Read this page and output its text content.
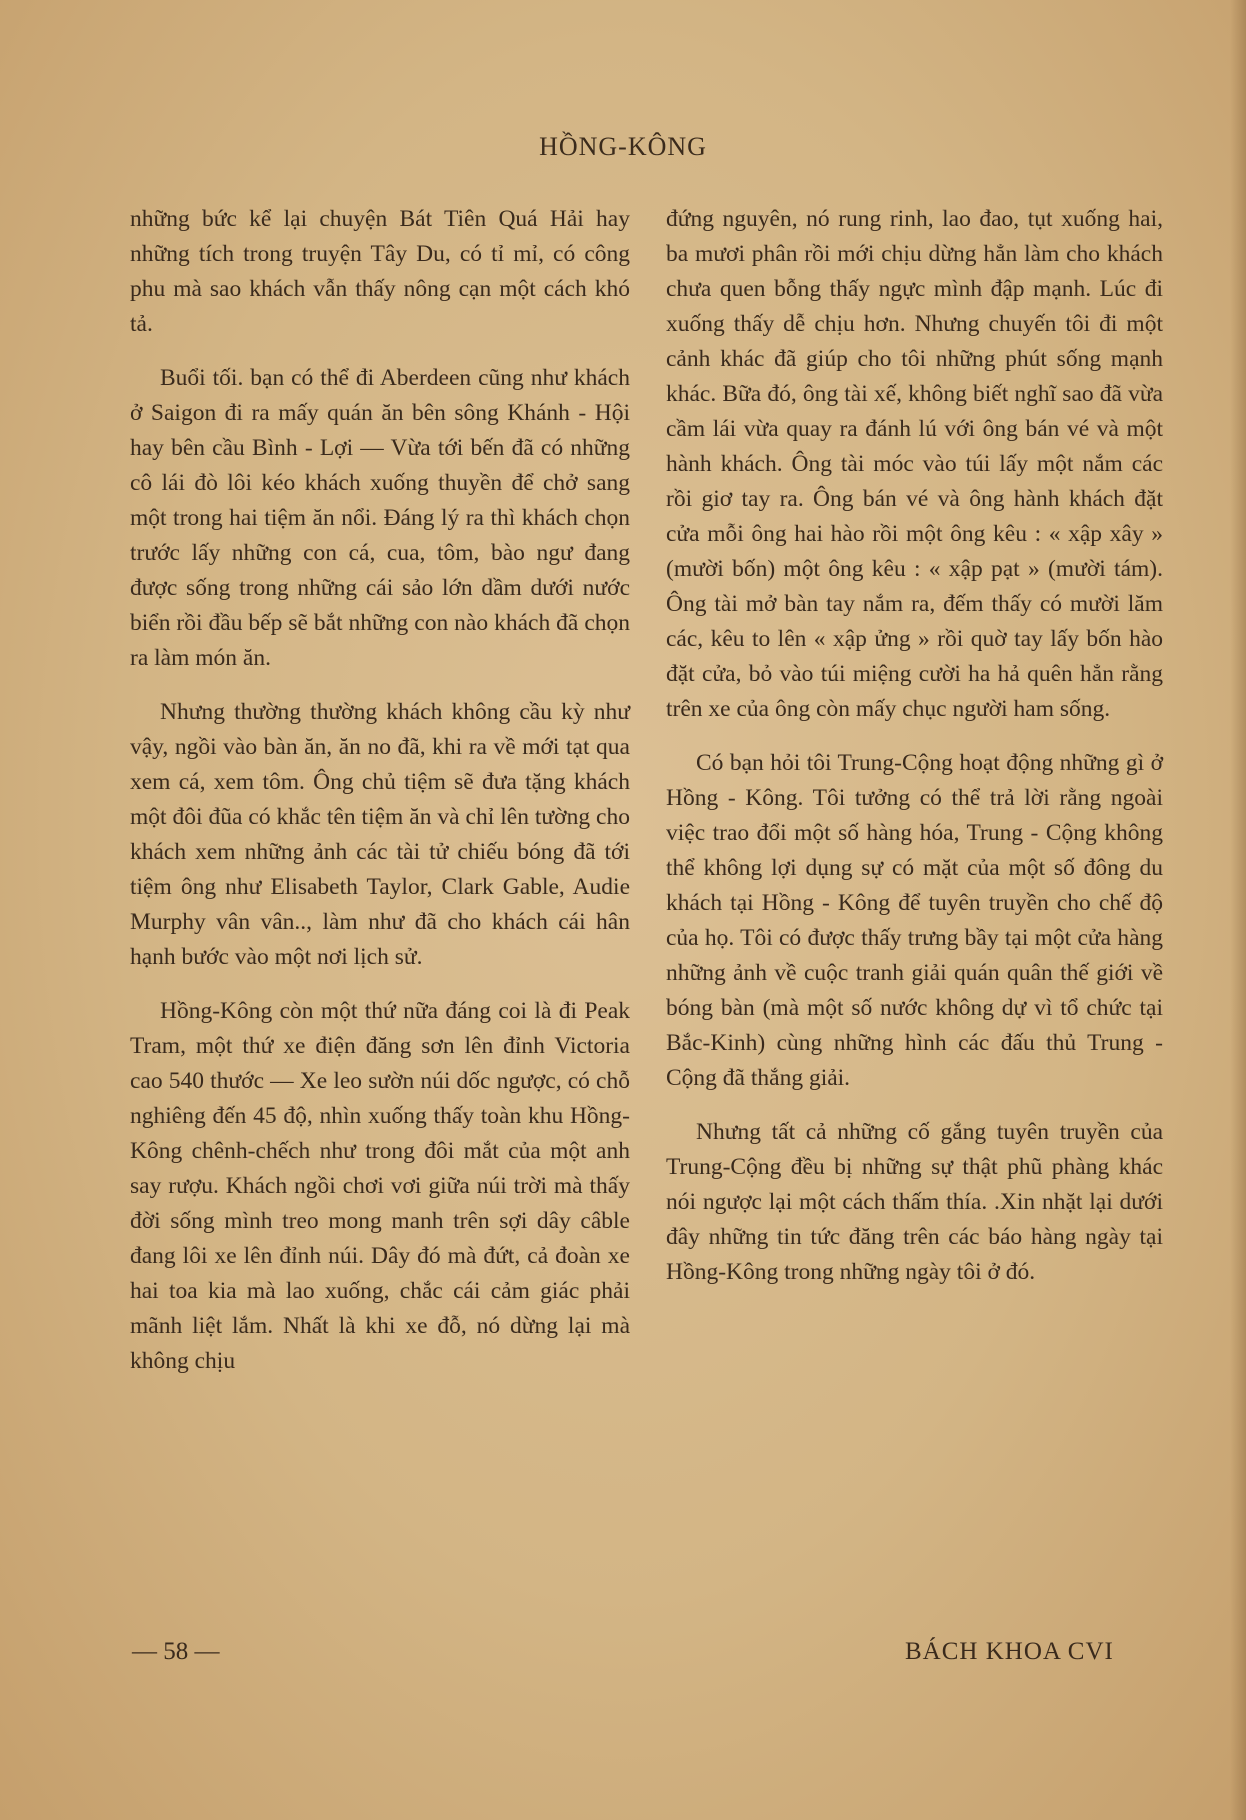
HỒNG-KÔNG

những bức kể lại chuyện Bát Tiên Quá Hải hay những tích trong truyện Tây Du, có tỉ mỉ, có công phu mà sao khách vẫn thấy nông cạn một cách khó tả.

Buổi tối. bạn có thể đi Aberdeen cũng như khách ở Saigon đi ra mấy quán ăn bên sông Khánh - Hội hay bên cầu Bình - Lợi — Vừa tới bến đã có những cô lái đò lôi kéo khách xuống thuyền để chở sang một trong hai tiệm ăn nổi. Đáng lý ra thì khách chọn trước lấy những con cá, cua, tôm, bào ngư đang được sống trong những cái sảo lớn dầm dưới nước biển rồi đầu bếp sẽ bắt những con nào khách đã chọn ra làm món ăn.

Nhưng thường thường khách không cầu kỳ như vậy, ngồi vào bàn ăn, ăn no đã, khi ra về mới tạt qua xem cá, xem tôm. Ông chủ tiệm sẽ đưa tặng khách một đôi đũa có khắc tên tiệm ăn và chỉ lên tường cho khách xem những ảnh các tài tử chiếu bóng đã tới tiệm ông như Elisabeth Taylor, Clark Gable, Audie Murphy vân vân.., làm như đã cho khách cái hân hạnh bước vào một nơi lịch sử.

Hồng-Kông còn một thứ nữa đáng coi là đi Peak Tram, một thứ xe điện đăng sơn lên đỉnh Victoria cao 540 thước — Xe leo sườn núi dốc ngược, có chỗ nghiêng đến 45 độ, nhìn xuống thấy toàn khu Hồng-Kông chênh-chếch như trong đôi mắt của một anh say rượu. Khách ngồi chơi vơi giữa núi trời mà thấy đời sống mình treo mong manh trên sợi dây câble đang lôi xe lên đỉnh núi. Dây đó mà đứt, cả đoàn xe hai toa kia mà lao xuống, chắc cái cảm giác phải mãnh liệt lắm. Nhất là khi xe đỗ, nó dừng lại mà không chịu

đứng nguyên, nó rung rinh, lao đao, tụt xuống hai, ba mươi phân rồi mới chịu dừng hẳn làm cho khách chưa quen bỗng thấy ngực mình đập mạnh. Lúc đi xuống thấy dễ chịu hơn. Nhưng chuyến tôi đi một cảnh khác đã giúp cho tôi những phút sống mạnh khác. Bữa đó, ông tài xế, không biết nghĩ sao đã vừa cầm lái vừa quay ra đánh lú với ông bán vé và một hành khách. Ông tài móc vào túi lấy một nắm các rồi giơ tay ra. Ông bán vé và ông hành khách đặt cửa mỗi ông hai hào rồi một ông kêu : « xập xây » (mười bốn) một ông kêu : « xập pạt » (mười tám). Ông tài mở bàn tay nắm ra, đếm thấy có mười lăm các, kêu to lên « xập ửng » rồi quờ tay lấy bốn hào đặt cửa, bỏ vào túi miệng cười ha hả quên hẳn rằng trên xe của ông còn mấy chục người ham sống.

Có bạn hỏi tôi Trung-Cộng hoạt động những gì ở Hồng - Kông. Tôi tưởng có thể trả lời rằng ngoài việc trao đổi một số hàng hóa, Trung - Cộng không thể không lợi dụng sự có mặt của một số đông du khách tại Hồng - Kông để tuyên truyền cho chế độ của họ. Tôi có được thấy trưng bầy tại một cửa hàng những ảnh về cuộc tranh giải quán quân thế giới về bóng bàn (mà một số nước không dự vì tổ chức tại Bắc-Kinh) cùng những hình các đấu thủ Trung - Cộng đã thắng giải.

Nhưng tất cả những cố gắng tuyên truyền của Trung-Cộng đều bị những sự thật phũ phàng khác nói ngược lại một cách thấm thía. .Xin nhặt lại dưới đây những tin tức đăng trên các báo hàng ngày tại Hồng-Kông trong những ngày tôi ở đó.

— 58 —	BÁCH KHOA CVI
